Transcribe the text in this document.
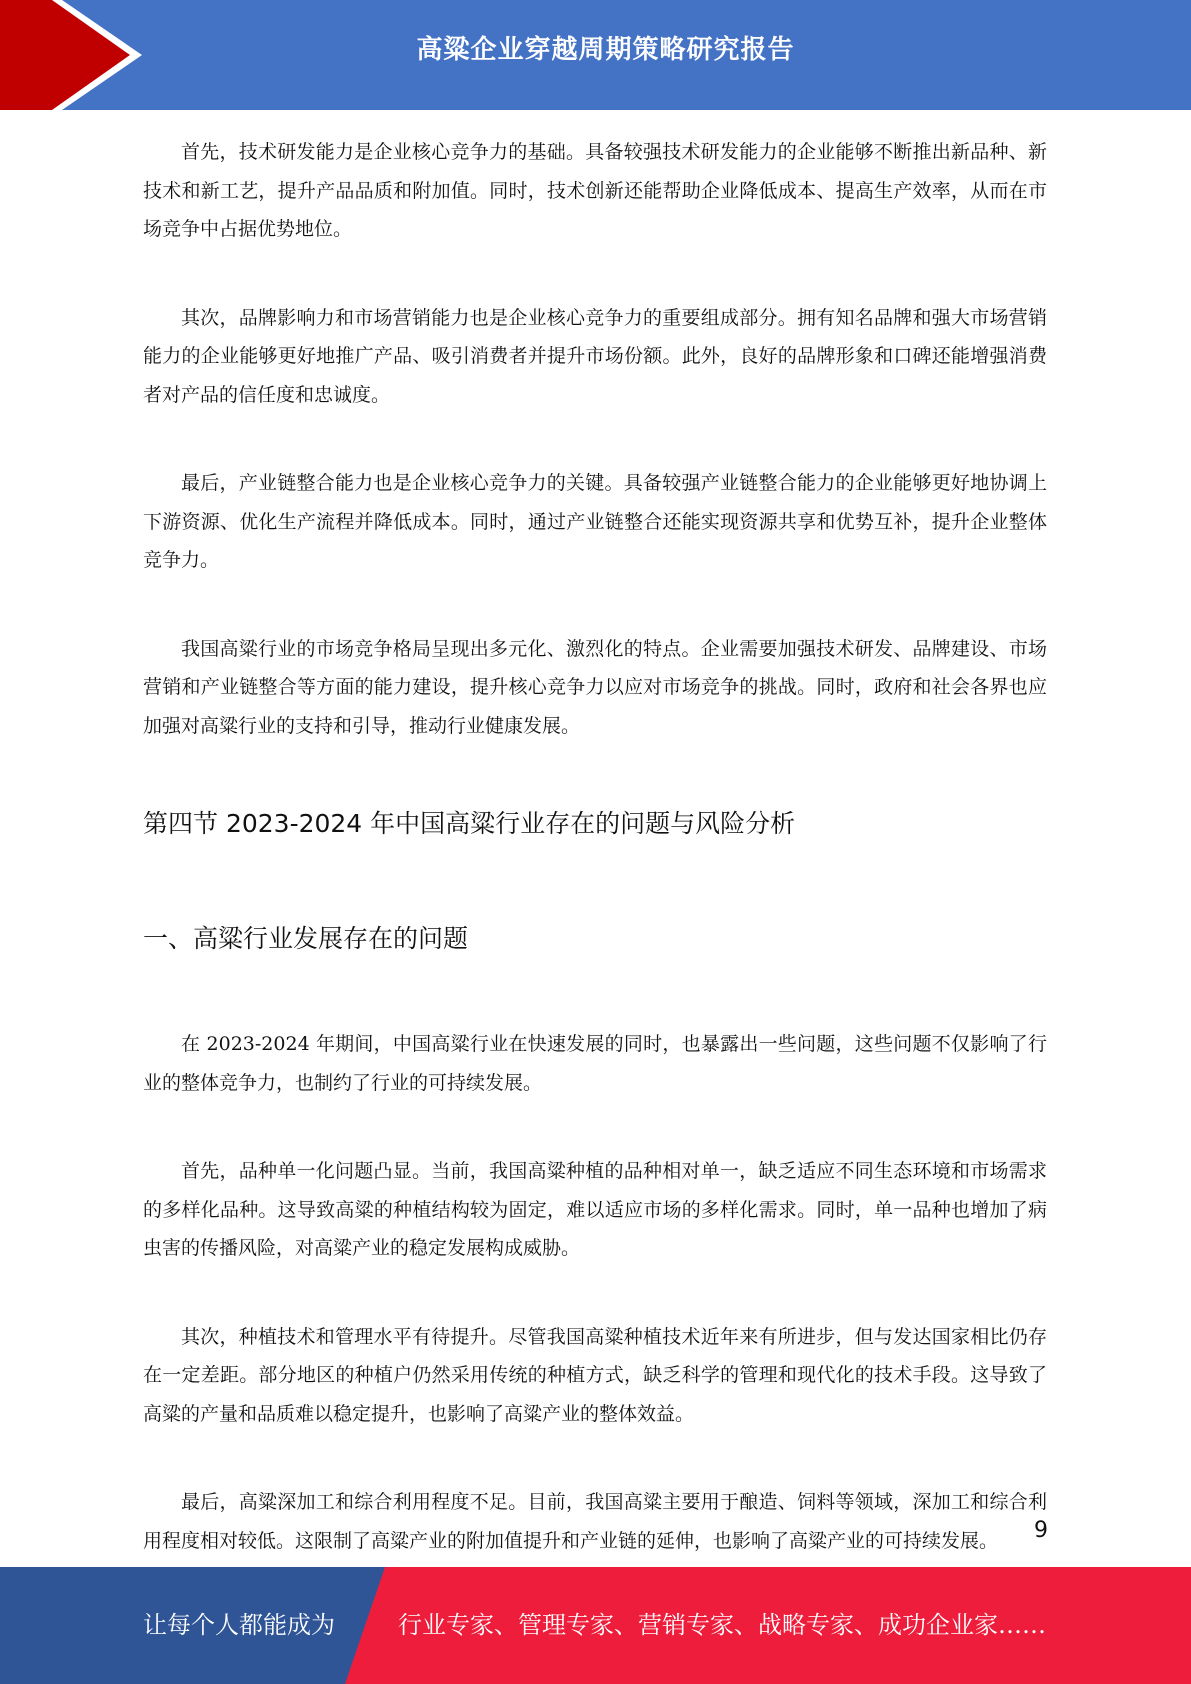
高粱企业穿越周期策略研究报告

首先，技术研发能力是企业核心竞争力的基础。具备较强技术研发能力的企业能够不断推出新品种、新技术和新工艺，提升产品品质和附加值。同时，技术创新还能帮助企业降低成本、提高生产效率，从而在市场竞争中占据优势地位。

其次，品牌影响力和市场营销能力也是企业核心竞争力的重要组成部分。拥有知名品牌和强大市场营销能力的企业能够更好地推广产品、吸引消费者并提升市场份额。此外，良好的品牌形象和口碑还能增强消费者对产品的信任度和忠诚度。

最后，产业链整合能力也是企业核心竞争力的关键。具备较强产业链整合能力的企业能够更好地协调上下游资源、优化生产流程并降低成本。同时，通过产业链整合还能实现资源共享和优势互补，提升企业整体竞争力。

我国高粱行业的市场竞争格局呈现出多元化、激烈化的特点。企业需要加强技术研发、品牌建设、市场营销和产业链整合等方面的能力建设，提升核心竞争力以应对市场竞争的挑战。同时，政府和社会各界也应加强对高粱行业的支持和引导，推动行业健康发展。

第四节 2023-2024 年中国高粱行业存在的问题与风险分析
一、高粱行业发展存在的问题

在 2023-2024 年期间，中国高粱行业在快速发展的同时，也暴露出一些问题，这些问题不仅影响了行业的整体竞争力，也制约了行业的可持续发展。

首先，品种单一化问题凸显。当前，我国高粱种植的品种相对单一，缺乏适应不同生态环境和市场需求的多样化品种。这导致高粱的种植结构较为固定，难以适应市场的多样化需求。同时，单一品种也增加了病虫害的传播风险，对高粱产业的稳定发展构成威胁。

其次，种植技术和管理水平有待提升。尽管我国高粱种植技术近年来有所进步，但与发达国家相比仍存在一定差距。部分地区的种植户仍然采用传统的种植方式，缺乏科学的管理和现代化的技术手段。这导致了高粱的产量和品质难以稳定提升，也影响了高粱产业的整体效益。

最后，高粱深加工和综合利用程度不足。目前，我国高粱主要用于酿造、饲料等领域，深加工和综合利用程度相对较低。这限制了高粱产业的附加值提升和产业链的延伸，也影响了高粱产业的可持续发展。	9
让每个人都能成为	行业专家、管理专家、营销专家、战略专家、成功企业家……
